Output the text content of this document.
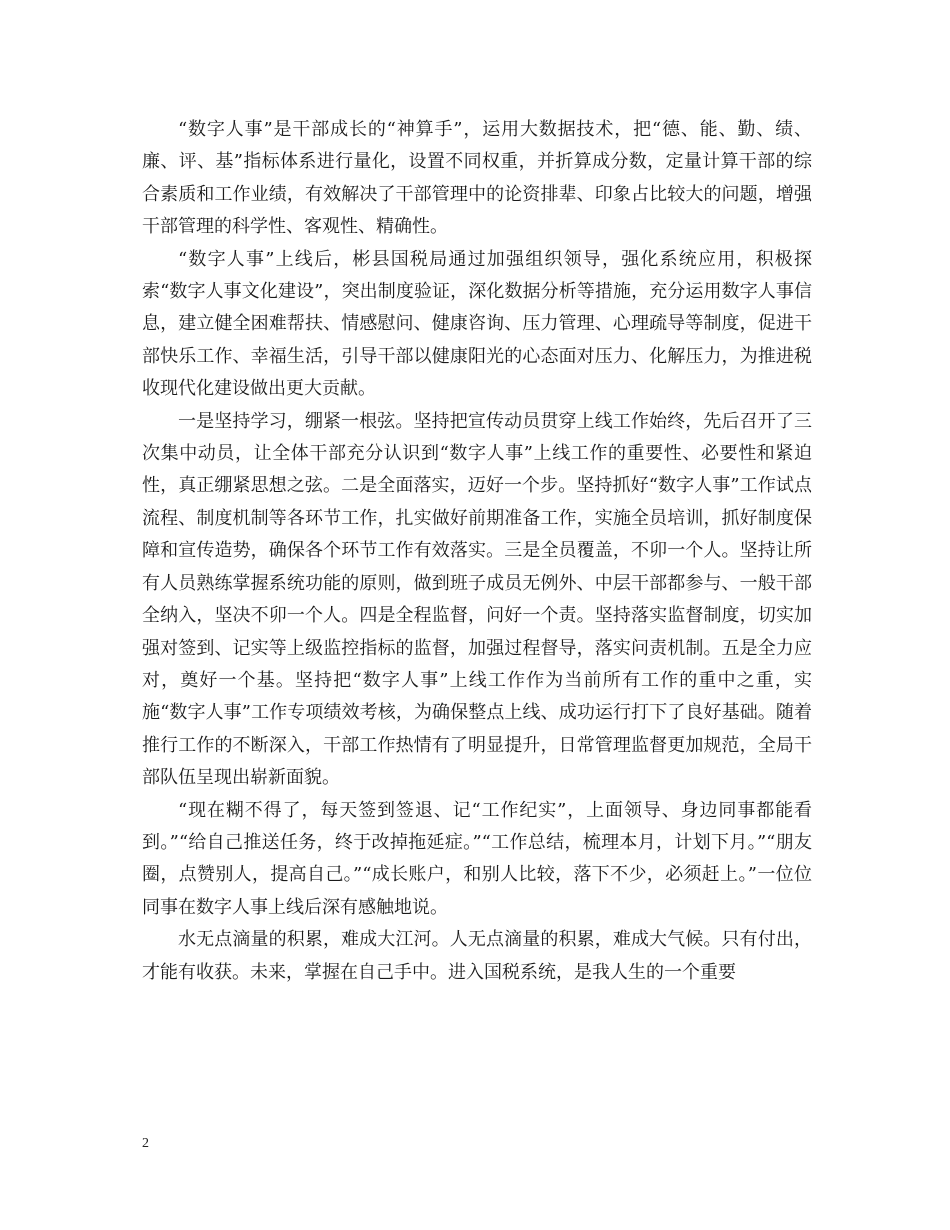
“数字人事”是干部成长的“神算手”，运用大数据技术，把“德、能、勤、绩、廉、评、基”指标体系进行量化，设置不同权重，并折算成分数，定量计算干部的综合素质和工作业绩，有效解决了干部管理中的论资排辈、印象占比较大的问题，增强干部管理的科学性、客观性、精确性。

“数字人事”上线后，彬县国税局通过加强组织领导，强化系统应用，积极探索“数字人事文化建设”，突出制度验证，深化数据分析等措施，充分运用数字人事信息，建立健全困难帮扶、情感慰问、健康咨询、压力管理、心理疏导等制度，促进干部快乐工作、幸福生活，引导干部以健康阳光的心态面对压力、化解压力，为推进税收现代化建设做出更大贡献。

一是坚持学习，绷紧一根弦。坚持把宣传动员贯穿上线工作始终，先后召开了三次集中动员，让全体干部充分认识到“数字人事”上线工作的重要性、必要性和紧迫性，真正绷紧思想之弦。二是全面落实，迈好一个步。坚持抓好“数字人事”工作试点流程、制度机制等各环节工作，扎实做好前期准备工作，实施全员培训，抓好制度保障和宣传造势，确保各个环节工作有效落实。三是全员覆盖，不卯一个人。坚持让所有人员熟练掌握系统功能的原则，做到班子成员无例外、中层干部都参与、一般干部全纳入，坚决不卯一个人。四是全程监督，问好一个责。坚持落实监督制度，切实加强对签到、记实等上级监控指标的监督，加强过程督导，落实问责机制。五是全力应对，奠好一个基。坚持把“数字人事”上线工作作为当前所有工作的重中之重，实施“数字人事”工作专项绩效考核，为确保整点上线、成功运行打下了良好基础。随着推行工作的不断深入，干部工作热情有了明显提升，日常管理监督更加规范，全局干部队伍呈现出崭新面貌。

“现在糊不得了，每天签到签退、记“工作纪实”，上面领导、身边同事都能看到。”“给自己推送任务，终于改掉拖延症。”“工作总结，梳理本月，计划下月。”“朋友圈，点赞别人，提高自己。”“成长账户，和别人比较，落下不少，必须赶上。”一位位同事在数字人事上线后深有感触地说。

水无点滴量的积累，难成大江河。人无点滴量的积累，难成大气候。只有付出，才能有收获。未来，掌握在自己手中。进入国税系统，是我人生的一个重要

2
